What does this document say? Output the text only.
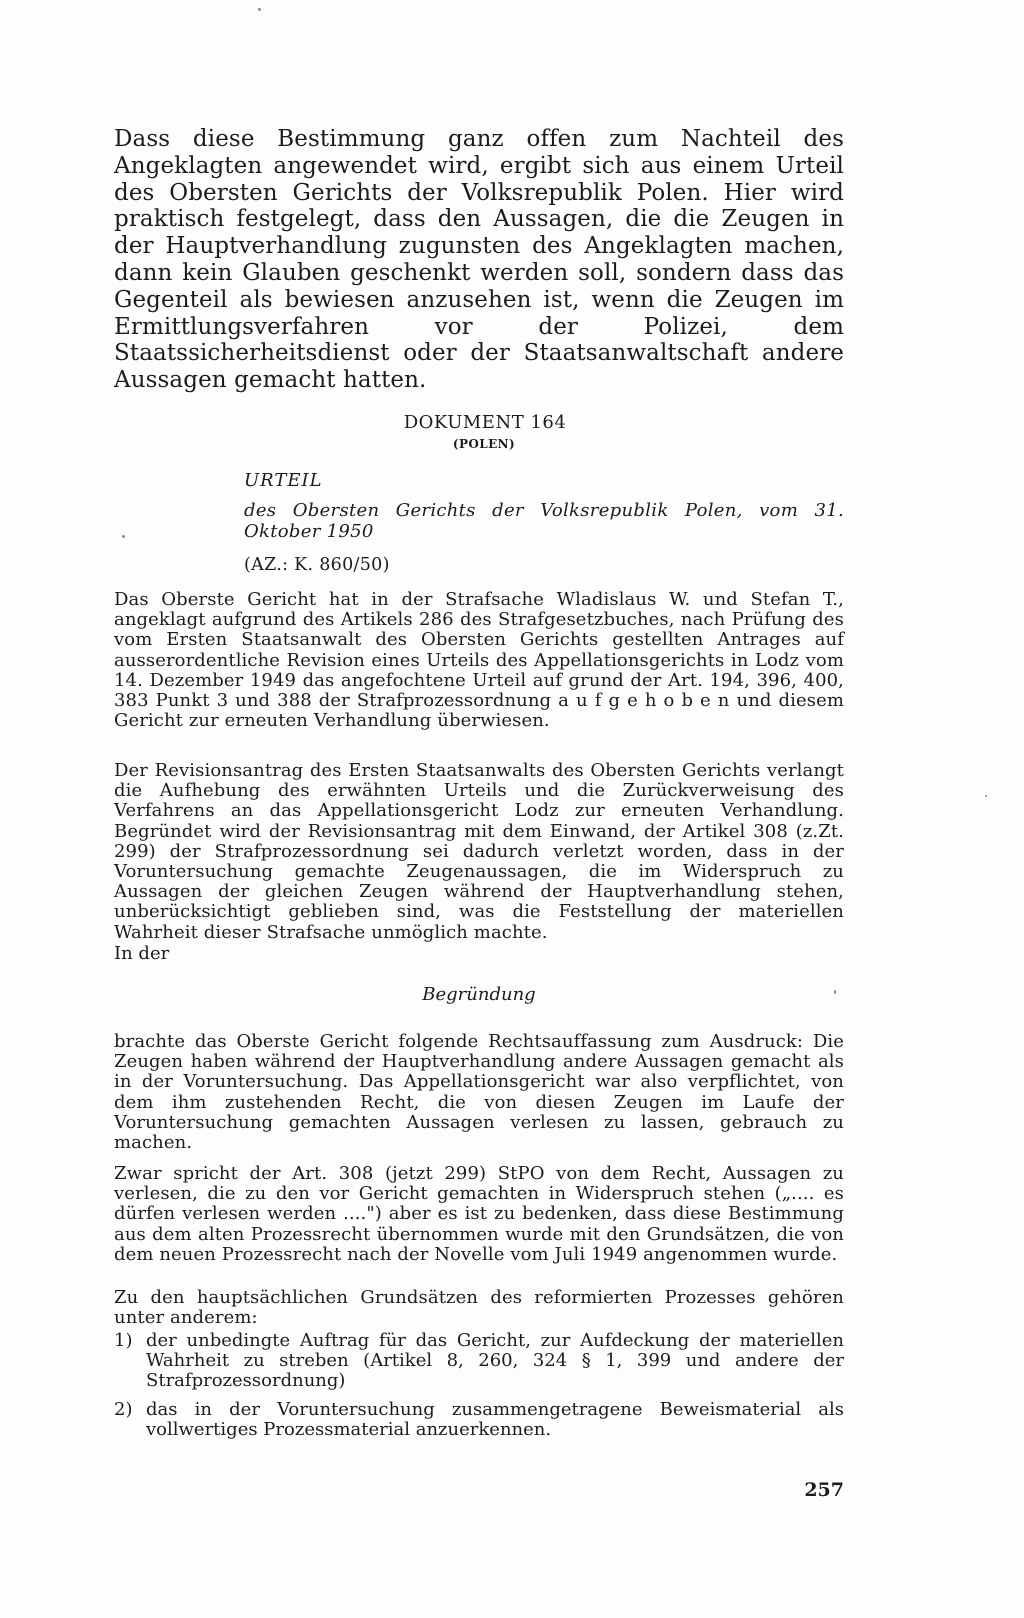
Dass diese Bestimmung ganz offen zum Nachteil des Angeklagten angewendet wird, ergibt sich aus einem Urteil des Obersten Gerichts der Volksrepublik Polen. Hier wird praktisch festgelegt, dass den Aussagen, die die Zeugen in der Hauptverhandlung zugunsten des Angeklagten machen, dann kein Glauben geschenkt werden soll, sondern dass das Gegenteil als bewiesen anzusehen ist, wenn die Zeugen im Ermittlungsverfahren vor der Polizei, dem Staatssicherheitsdienst oder der Staatsanwaltschaft andere Aussagen gemacht hatten.

DOKUMENT 164
(POLEN)
URTEIL
des Obersten Gerichts der Volksrepublik Polen, vom 31. Oktober 1950
(AZ.: K. 860/50)

Das Oberste Gericht hat in der Strafsache Wladislaus W. und Stefan T., angeklagt aufgrund des Artikels 286 des Strafgesetzbuches, nach Prüfung des vom Ersten Staatsanwalt des Obersten Gerichts gestellten Antrages auf ausserordentliche Revision eines Urteils des Appellationsgerichts in Lodz vom 14. Dezember 1949 das angefochtene Urteil auf grund der Art. 194, 396, 400, 383 Punkt 3 und 388 der Strafprozessordnung a u f g e h o b e n und diesem Gericht zur erneuten Verhandlung überwiesen.

Der Revisionsantrag des Ersten Staatsanwalts des Obersten Gerichts verlangt die Aufhebung des erwähnten Urteils und die Zurückverweisung des Verfahrens an das Appellationsgericht Lodz zur erneuten Verhandlung. Begründet wird der Revisionsantrag mit dem Einwand, der Artikel 308 (z.Zt. 299) der Strafprozessordnung sei dadurch verletzt worden, dass in der Voruntersuchung gemachte Zeugenaussagen, die im Widerspruch zu Aussagen der gleichen Zeugen während der Hauptverhandlung stehen, unberücksichtigt geblieben sind, was die Feststellung der materiellen Wahrheit dieser Strafsache unmöglich machte.

In der
Begründung

brachte das Oberste Gericht folgende Rechtsauffassung zum Ausdruck: Die Zeugen haben während der Hauptverhandlung andere Aussagen gemacht als in der Voruntersuchung. Das Appellationsgericht war also verpflichtet, von dem ihm zustehenden Recht, die von diesen Zeugen im Laufe der Voruntersuchung gemachten Aussagen verlesen zu lassen, gebrauch zu machen.

Zwar spricht der Art. 308 (jetzt 299) StPO von dem Recht, Aussagen zu verlesen, die zu den vor Gericht gemachten in Widerspruch stehen („.... es dürfen verlesen werden ....") aber es ist zu bedenken, dass diese Bestimmung aus dem alten Prozessrecht übernommen wurde mit den Grundsätzen, die von dem neuen Prozessrecht nach der Novelle vom Juli 1949 angenommen wurde.

Zu den hauptsächlichen Grundsätzen des reformierten Prozesses gehören unter anderem:

1) der unbedingte Auftrag für das Gericht, zur Aufdeckung der materiellen Wahrheit zu streben (Artikel 8, 260, 324 § 1, 399 und andere der Strafprozessordnung)
2) das in der Voruntersuchung zusammengetragene Beweismaterial als vollwertiges Prozessmaterial anzuerkennen.
257
